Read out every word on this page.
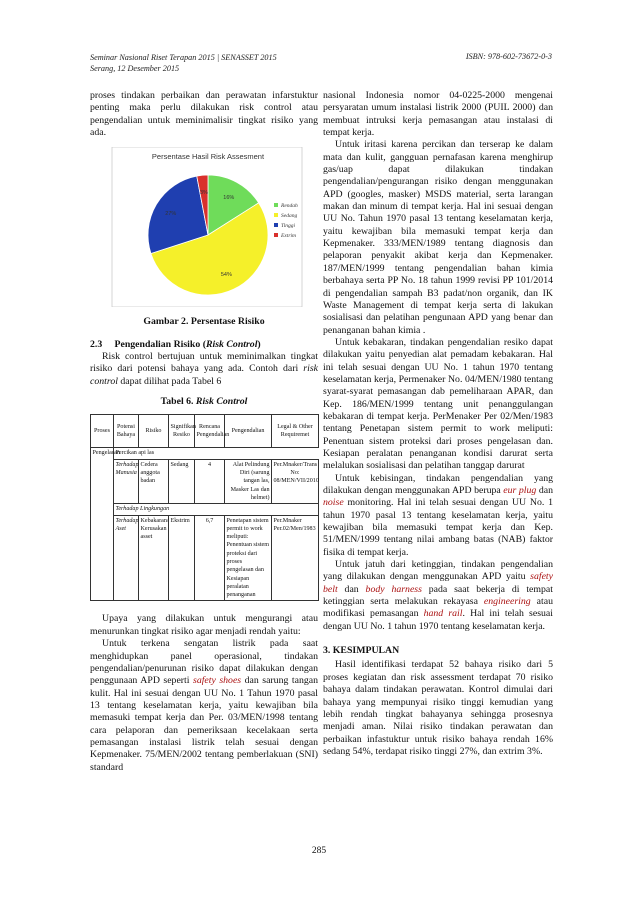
Seminar Nasional Riset Terapan 2015 | SENASSET 2015
Serang, 12 Desember 2015
ISBN: 978-602-73672-0-3

proses tindakan perbaikan dan perawatan infarstuktur penting maka perlu dilakukan risk control atau pengendalian untuk meminimalisir tingkat risiko yang ada.

Persentase Hasil Risk Assesment
16%
54%
27%
3%
Rendah
Sedang
Tinggi
Extrim

Gambar 2. Persentase Risiko

2.3 Pengendalian Risiko (Risk Control)

Risk control bertujuan untuk meminimalkan tingkat risiko dari potensi bahaya yang ada. Contoh dari risk control dapat dilihat pada Tabel 6

Tabel 6. Risk Control

Proses	Potensi Bahaya	Risiko	Signifikan Resiko	Rencana Pengendalian	Pengendalian	Legal & Other Requiremet
Pengelasan	Percikan api las					
	Terhadap Manusia	Cedera anggota badan	Sedang	4	Alat Pelindung Diri (sarung tangan las, Masker Las dan helmet)	Per.Mnaker/Trans No: 08/MEN/VII/2010
	Terhadap Lingkungan					
	Terhadap Aset	Kebakaran/ Kerusakan asset	Ekstrim	6,7	Penetapan sistem permit to work meliputi: Penentuan sistem proteksi dari proses pengelasan dan Kesiapan peralatan penanganan	Per.Mnaker Per.02/Men/1983

Upaya yang dilakukan untuk mengurangi atau menurunkan tingkat risiko agar menjadi rendah yaitu:

Untuk terkena sengatan listrik pada saat menghidupkan panel operasional, tindakan pengendalian/penurunan risiko dapat dilakukan dengan penggunaan APD seperti safety shoes dan sarung tangan kulit. Hal ini sesuai dengan UU No. 1 Tahun 1970 pasal 13 tentang keselamatan kerja, yaitu kewajiban bila memasuki tempat kerja dan Per. 03/MEN/1998 tentang cara pelaporan dan pemeriksaan kecelakaan serta pemasangan instalasi listrik telah sesuai dengan Kepmenaker. 75/MEN/2002 tentang pemberlakuan (SNI) standard

nasional Indonesia nomor 04-0225-2000 mengenai persyaratan umum instalasi listrik 2000 (PUIL 2000) dan membuat intruksi kerja pemasangan atau instalasi di tempat kerja.

Untuk iritasi karena percikan dan terserap ke dalam mata dan kulit, gangguan pernafasan karena menghirup gas/uap dapat dilakukan tindakan pengendalian/pengurangan risiko dengan menggunakan APD (googles, masker) MSDS material, serta larangan makan dan minum di tempat kerja. Hal ini sesuai dengan UU No. Tahun 1970 pasal 13 tentang keselamatan kerja, yaitu kewajiban bila memasuki tempat kerja dan Kepmenaker. 333/MEN/1989 tentang diagnosis dan pelaporan penyakit akibat kerja dan Kepmenaker. 187/MEN/1999 tentang pengendalian bahan kimia berbahaya serta PP No. 18 tahun 1999 revisi PP 101/2014 di pengendalian sampah B3 padat/non organik, dan IK Waste Management di tempat kerja serta di lakukan sosialisasi dan pelatihan pengunaan APD yang benar dan penanganan bahan kimia .

Untuk kebakaran, tindakan pengendalian resiko dapat dilakukan yaitu penyedian alat pemadam kebakaran. Hal ini telah sesuai dengan UU No. 1 tahun 1970 tentang keselamatan kerja, Permenaker No. 04/MEN/1980 tentang syarat-syarat pemasangan dab pemeliharaan APAR, dan Kep. 186/MEN/1999 tentang unit penanggulangan kebakaran di tempat kerja. PerMenaker Per 02/Men/1983 tentang Penetapan sistem permit to work meliputi: Penentuan sistem proteksi dari proses pengelasan dan. Kesiapan peralatan penanganan kondisi darurat serta melalukan sosialisasi dan pelatihan tanggap darurat

Untuk kebisingan, tindakan pengendalian yang dilakukan dengan menggunakan APD berupa eur plug dan noise monitoring. Hal ini telah sesuai dengan UU No. 1 tahun 1970 pasal 13 tentang keselamatan kerja, yaitu kewajiban bila memasuki tempat kerja dan Kep. 51/MEN/1999 tentang nilai ambang batas (NAB) faktor fisika di tempat kerja.

Untuk jatuh dari ketinggian, tindakan pengendalian yang dilakukan dengan menggunakan APD yaitu safety belt dan body harness pada saat bekerja di tempat ketinggian serta melakukan rekayasa engineering atau modifikasi pemasangan hand rail. Hal ini telah sesuai dengan UU No. 1 tahun 1970 tentang keselamatan kerja.

3. KESIMPULAN

Hasil identifikasi terdapat 52 bahaya risiko dari 5 proses kegiatan dan risk assessment terdapat 70 risiko bahaya dalam tindakan perawatan. Kontrol dimulai dari bahaya yang mempunyai risiko tinggi kemudian yang lebih rendah tingkat bahayanya sehingga prosesnya menjadi aman. Nilai risiko tindakan perawatan dan perbaikan infastuktur untuk risiko bahaya rendah 16% sedang 54%, terdapat risiko tinggi 27%, dan extrim 3%.

285
